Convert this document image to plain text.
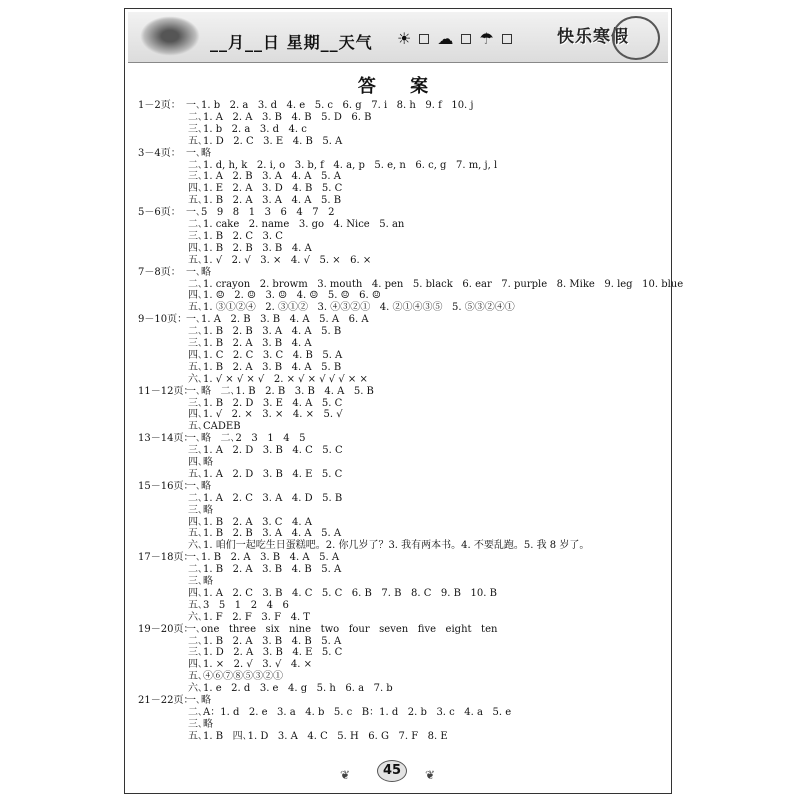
__月__日 星期__天气 ☀ ☁ ☂	快乐寒假
答 案
1－2页： 一､1. b   2. a   3. d   4. e   5. c   6. g   7. i   8. h   9. f   10. j
二､1. A   2. A   3. B   4. B   5. D   6. B
三､1. b   2. a   3. d   4. c
五､1. D   2. C   3. E   4. B   5. A
3－4页： 一､略
二､1. d, h, k   2. i, o   3. b, f   4. a, p   5. e, n   6. c, g   7. m, j, l
三､1. A   2. B   3. A   4. A   5. A
四､1. E   2. A   3. D   4. B   5. C
五､1. B   2. A   3. A   4. A   5. B
5－6页： 一､5   9   8   1   3   6   4   7   2
二､1. cake   2. name   3. go   4. Nice   5. an
三､1. B   2. C   3. C
四､1. B   2. B   3. B   4. A
五､1. √   2. √   3. ×   4. √   5. ×   6. ×
7－8页： 一､略
二､1. crayon   2. browm   3. mouth   4. pen   5. black   6. ear   7. purple   8. Mike   9. leg   10. blue
四､1. ☺   2. ☺   3. ☺   4. ☺   5. ☺   6. ☺
五､1. ③①②④   2. ③①②   3. ④③②①   4. ②①④③⑤   5. ⑤③②④①
9－10页：
一､1. A   2. B   3. B   4. A   5. A   6. A
二､1. B   2. B   3. A   4. A   5. B
三､1. B   2. A   3. B   4. A
四､1. C   2. C   3. C   4. B   5. A
五､1. B   2. A   3. B   4. A   5. B
六､1. √ × √ × √   2. × √ × √ √ √ × ×
11－12页：
一､略   二､1. B   2. B   3. B   4. A   5. B
三､1. B   2. D   3. E   4. A   5. C
四､1. √   2. ×   3. ×   4. ×   5. √
五､CADEB
13－14页：
一､略   二､2   3   1   4   5
三､1. A   2. D   3. B   4. C   5. C
四､略
五､1. A   2. D   3. B   4. E   5. C
15－16页：
一､略
二､1. A   2. C   3. A   4. D   5. B
三､略
四､1. B   2. A   3. C   4. A
五､1. B   2. B   3. A   4. A   5. A
六､1. 咱们一起吃生日蛋糕吧。2. 你几岁了？3. 我有两本书。4. 不要乱跑。5. 我 8 岁了。
17－18页：
一､1. B   2. A   3. B   4. A   5. A
二､1. B   2. A   3. B   4. B   5. A
三､略
四､1. A   2. C   3. B   4. C   5. C   6. B   7. B   8. C   9. B   10. B
五､3   5   1   2   4   6
六､1. F   2. F   3. F   4. T
19－20页：
一､one   three   six   nine   two   four   seven   five   eight   ten
二､1. B   2. A   3. B   4. B   5. A
三､1. D   2. A   3. B   4. E   5. C
四､1. ×   2. √   3. √   4. ×
五､④⑥⑦⑧⑤③②①
六､1. e   2. d   3. e   4. g   5. h   6. a   7. b
21－22页：
一､略
二､A：1. d   2. e   3. a   4. b   5. c   B：1. d   2. b   3. c   4. a   5. e
三､略
五､1. B   四､1. D   3. A   4. C   5. H   6. G   7. F   8. E
❦	45	❦
